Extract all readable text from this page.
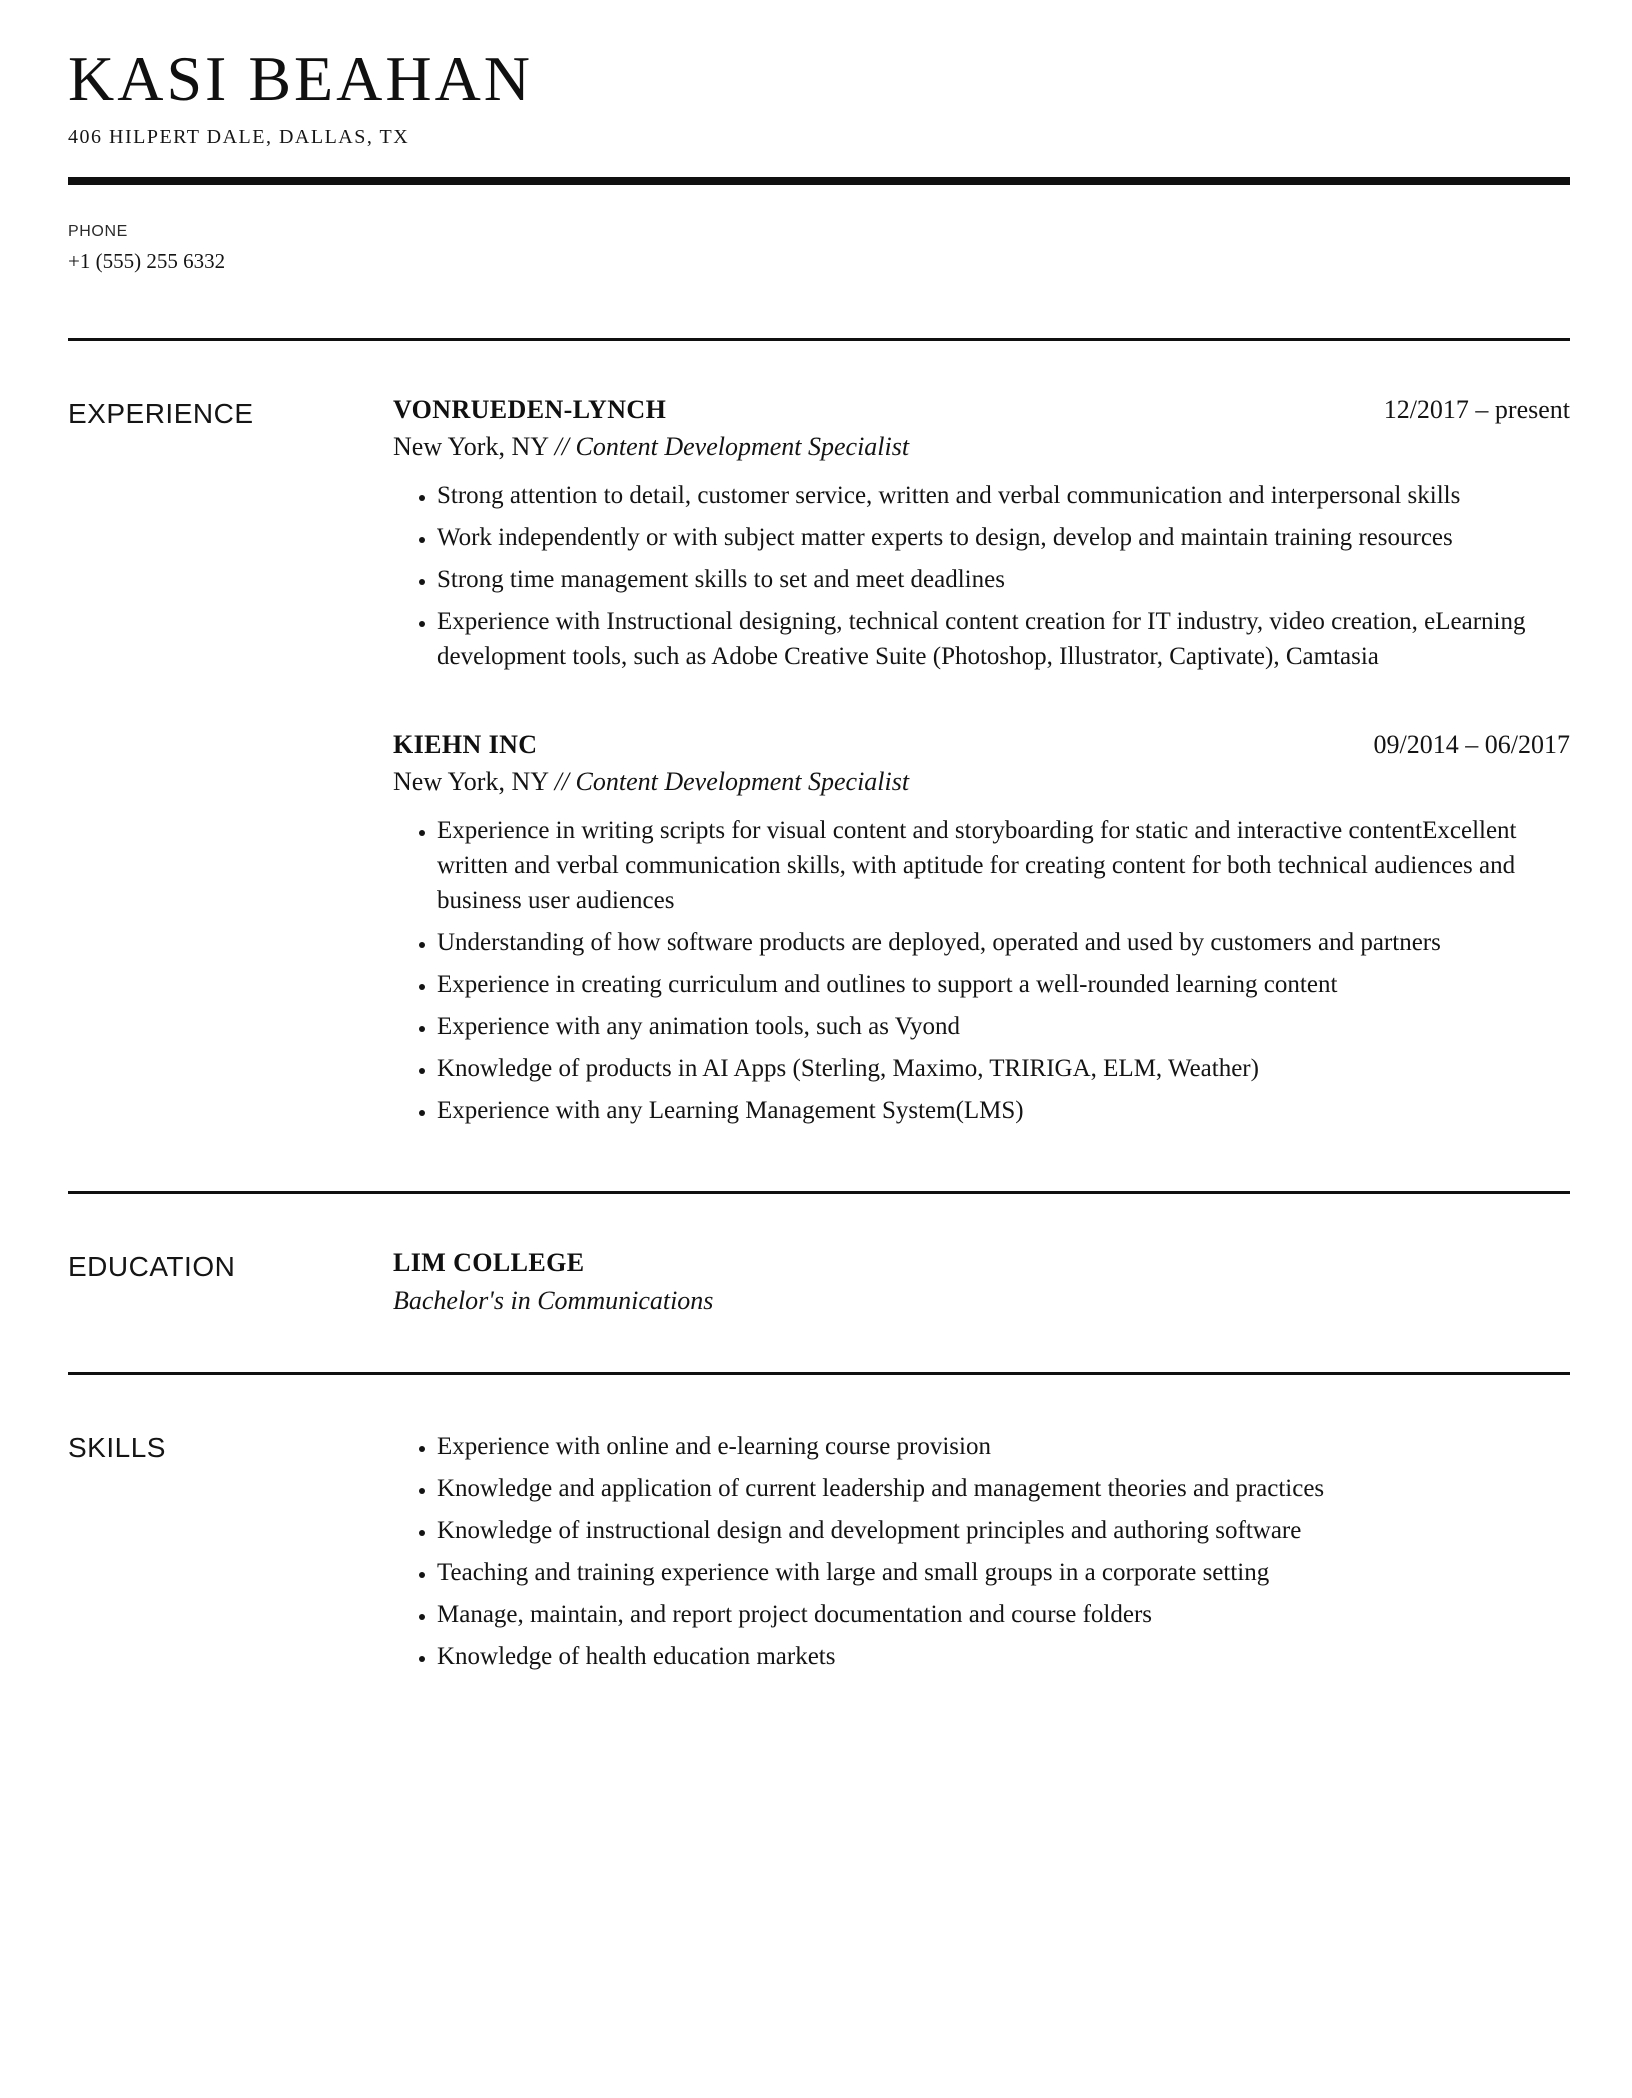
KASI BEAHAN
406 HILPERT DALE, DALLAS, TX
PHONE
+1 (555) 255 6332
EXPERIENCE	VONRUEDEN-LYNCH	12/2017 – present
New York, NY // Content Development Specialist
• Strong attention to detail, customer service, written and verbal communication and interpersonal skills
• Work independently or with subject matter experts to design, develop and maintain training resources
• Strong time management skills to set and meet deadlines
• Experience with Instructional designing, technical content creation for IT industry, video creation, eLearning development tools, such as Adobe Creative Suite (Photoshop, Illustrator, Captivate), Camtasia
KIEHN INC	09/2014 – 06/2017
New York, NY // Content Development Specialist
• Experience in writing scripts for visual content and storyboarding for static and interactive contentExcellent written and verbal communication skills, with aptitude for creating content for both technical audiences and business user audiences
• Understanding of how software products are deployed, operated and used by customers and partners
• Experience in creating curriculum and outlines to support a well-rounded learning content
• Experience with any animation tools, such as Vyond
• Knowledge of products in AI Apps (Sterling, Maximo, TRIRIGA, ELM, Weather)
• Experience with any Learning Management System(LMS)
EDUCATION	LIM COLLEGE
Bachelor's in Communications
SKILLS	• Experience with online and e-learning course provision
• Knowledge and application of current leadership and management theories and practices
• Knowledge of instructional design and development principles and authoring software
• Teaching and training experience with large and small groups in a corporate setting
• Manage, maintain, and report project documentation and course folders
• Knowledge of health education markets
